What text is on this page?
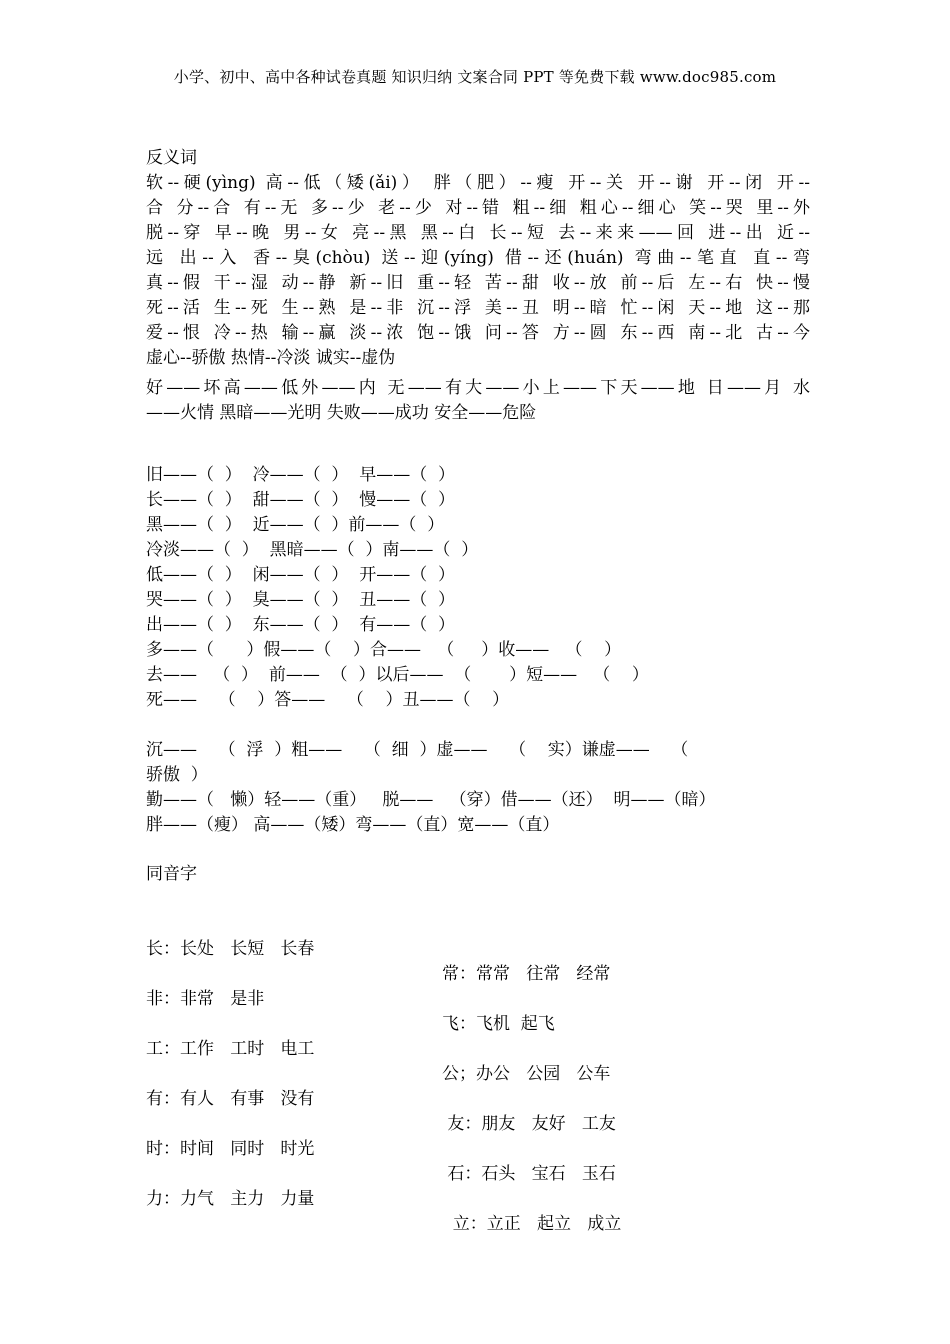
小学、初中、高中各种试卷真题 知识归纳 文案合同 PPT 等免费下载 www.doc985.com
反义词
软--硬(yìng) 高--低（矮(ǎi)） 胖（肥）--瘦 开--关 开--谢 开--闭 开--
合 分--合 有--无 多--少 老--少 对--错 粗--细 粗心--细心 笑--哭 里--外
脱--穿 早--晚 男--女 亮--黑 黑--白 长--短 去--来来——回 进--出 近--
远 出--入 香--臭(chòu) 送--迎(yíng) 借--还(huán) 弯曲--笔直 直--弯
真--假 干--湿 动--静 新--旧 重--轻 苦--甜 收--放 前--后 左--右 快--慢
死--活 生--死 生--熟 是--非 沉--浮 美--丑 明--暗 忙--闲 天--地 这--那
爱--恨 冷--热 输--赢 淡--浓 饱--饿 问--答 方--圆 东--西 南--北 古--今
虚心--骄傲 热情--冷淡 诚实--虚伪
好——坏高——低外——内 无——有大——小上——下天——地 日——月 水
——火情 黑暗——光明 失败——成功 安全——危险
旧——（  ）  冷——（  ）  早——（  ）
长——（  ）  甜——（  ）  慢——（  ）
黑——（  ）  近——（  ）前——（  ）
冷淡——（  ）  黑暗——（  ）南——（  ）
低——（  ）  闲——（  ）  开——（  ）
哭——（  ）  臭——（  ）  丑——（  ）
出——（  ）  东——（  ）  有——（  ）
多——（      ）假——（    ）合——   （     ）收——   （    ）
去——   （  ）  前——  （  ）以后——  （       ）短——   （    ）
死——    （    ）答——    （    ）丑——（    ）
沉——    （  浮  ）粗——    （  细  ）虚——    （    实）谦虚——    （
骄傲  ）
勤——（   懒）轻——（重）   脱——   （穿）借——（还）  明——（暗）
胖——（瘦） 高——（矮）弯——（直）宽——（直）
同音字

长：长处   长短   长春

常：常常   往常   经常

非：非常   是非

飞：飞机  起飞

工：工作   工时   电工

公；办公   公园   公车

有：有人   有事   没有

友：朋友   友好   工友

时：时间   同时   时光

石：石头   宝石   玉石

力：力气   主力   力量

立：立正   起立   成立
